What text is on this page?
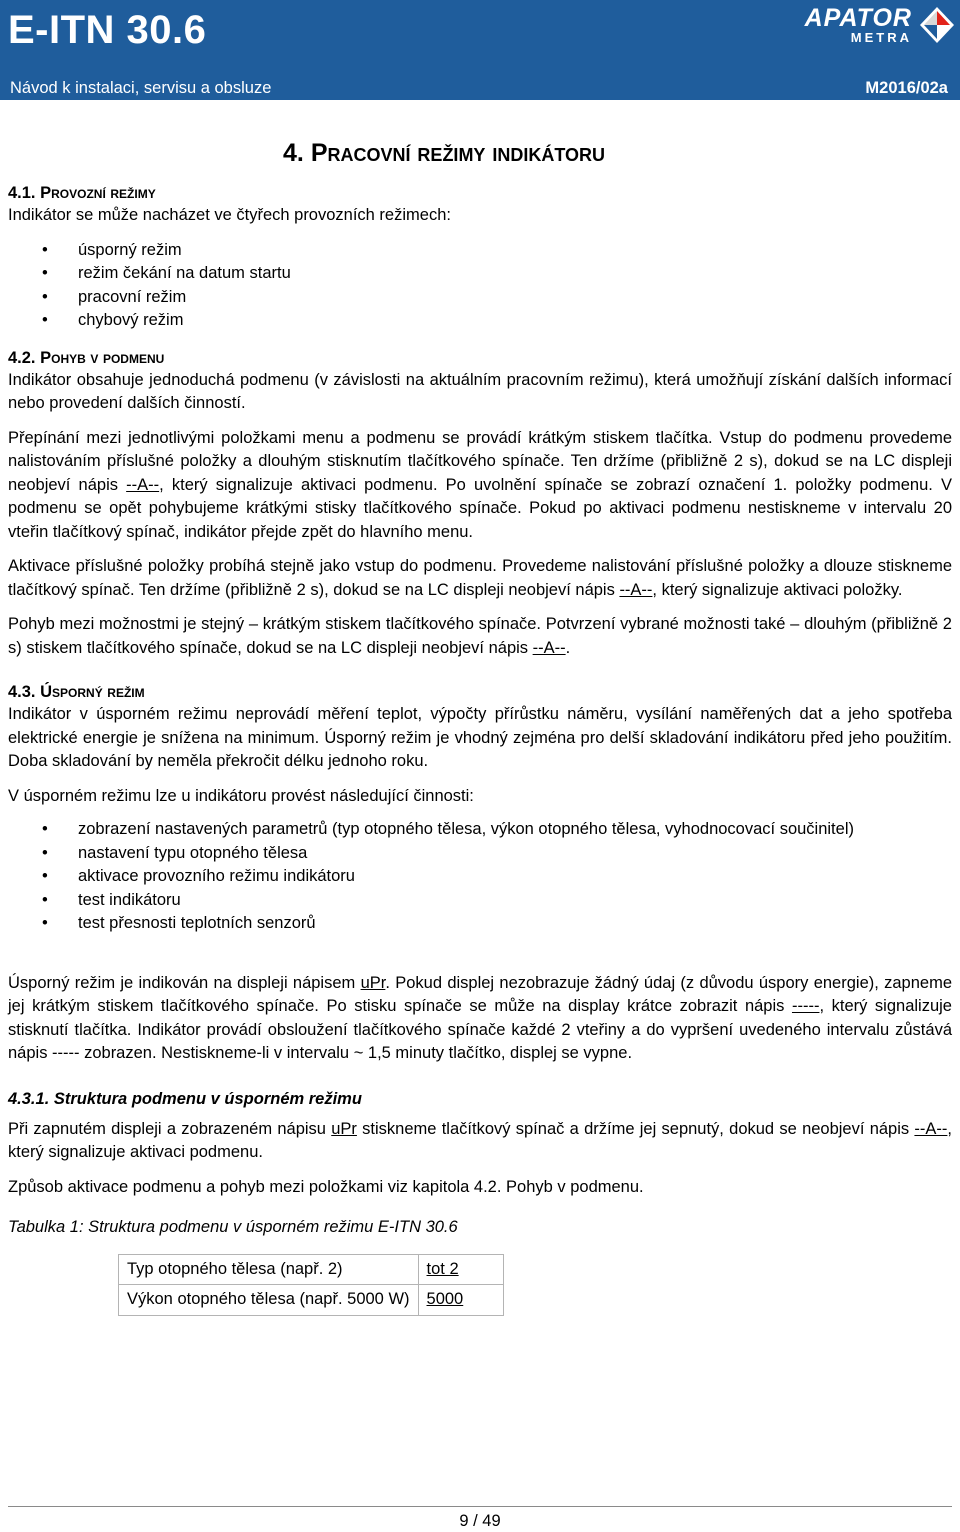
E-ITN 30.6	APATOR
METRA
Návod k instalaci, servisu a obsluze	M2016/02a
4. Pracovní režimy indikátoru
4.1. Provozní režimy

Indikátor se může nacházet ve čtyřech provozních režimech:

• úsporný režim
• režim čekání na datum startu
• pracovní režim
• chybový režim
4.2. Pohyb v podmenu

Indikátor obsahuje jednoduchá podmenu (v závislosti na aktuálním pracovním režimu), která umožňují získání dalších informací nebo provedení dalších činností.

Přepínání mezi jednotlivými položkami menu a podmenu se provádí krátkým stiskem tlačítka. Vstup do podmenu provedeme nalistováním příslušné položky a dlouhým stisknutím tlačítkového spínače. Ten držíme (přibližně 2 s), dokud se na LC displeji neobjeví nápis --A--, který signalizuje aktivaci podmenu. Po uvolnění spínače se zobrazí označení 1. položky podmenu. V podmenu se opět pohybujeme krátkými stisky tlačítkového spínače. Pokud po aktivaci podmenu nestiskneme v intervalu 20 vteřin tlačítkový spínač, indikátor přejde zpět do hlavního menu.

Aktivace příslušné položky probíhá stejně jako vstup do podmenu. Provedeme nalistování příslušné položky a dlouze stiskneme tlačítkový spínač. Ten držíme (přibližně 2 s), dokud se na LC displeji neobjeví nápis --A--, který signalizuje aktivaci položky.

Pohyb mezi možnostmi je stejný – krátkým stiskem tlačítkového spínače. Potvrzení vybrané možnosti také – dlouhým (přibližně 2 s) stiskem tlačítkového spínače, dokud se na LC displeji neobjeví nápis --A--.

4.3. Úsporný režim

Indikátor v úsporném režimu neprovádí měření teplot, výpočty přírůstku náměru, vysílání naměřených dat a jeho spotřeba elektrické energie je snížena na minimum. Úsporný režim je vhodný zejména pro delší skladování indikátoru před jeho použitím. Doba skladování by neměla překročit délku jednoho roku.

V úsporném režimu lze u indikátoru provést následující činnosti:

• zobrazení nastavených parametrů (typ otopného tělesa, výkon otopného tělesa, vyhodnocovací součinitel)
• nastavení typu otopného tělesa
• aktivace provozního režimu indikátoru
• test indikátoru
• test přesnosti teplotních senzorů

Úsporný režim je indikován na displeji nápisem uPr. Pokud displej nezobrazuje žádný údaj (z důvodu úspory energie), zapneme jej krátkým stiskem tlačítkového spínače. Po stisku spínače se může na display krátce zobrazit nápis -----, který signalizuje stisknutí tlačítka. Indikátor provádí obsloužení tlačítkového spínače každé 2 vteřiny a do vypršení uvedeného intervalu zůstává nápis ----- zobrazen. Nestiskneme-li v intervalu ~ 1,5 minuty tlačítko, displej se vypne.

4.3.1. Struktura podmenu v úsporném režimu

Při zapnutém displeji a zobrazeném nápisu uPr stiskneme tlačítkový spínač a držíme jej sepnutý, dokud se neobjeví nápis --A--, který signalizuje aktivaci podmenu.

Způsob aktivace podmenu a pohyb mezi položkami viz kapitola 4.2. Pohyb v podmenu.

Tabulka 1: Struktura podmenu v úsporném režimu E-ITN 30.6

Typ otopného tělesa (např. 2)	tot 2
Výkon otopného tělesa (např. 5000 W)	5000
9 / 49
